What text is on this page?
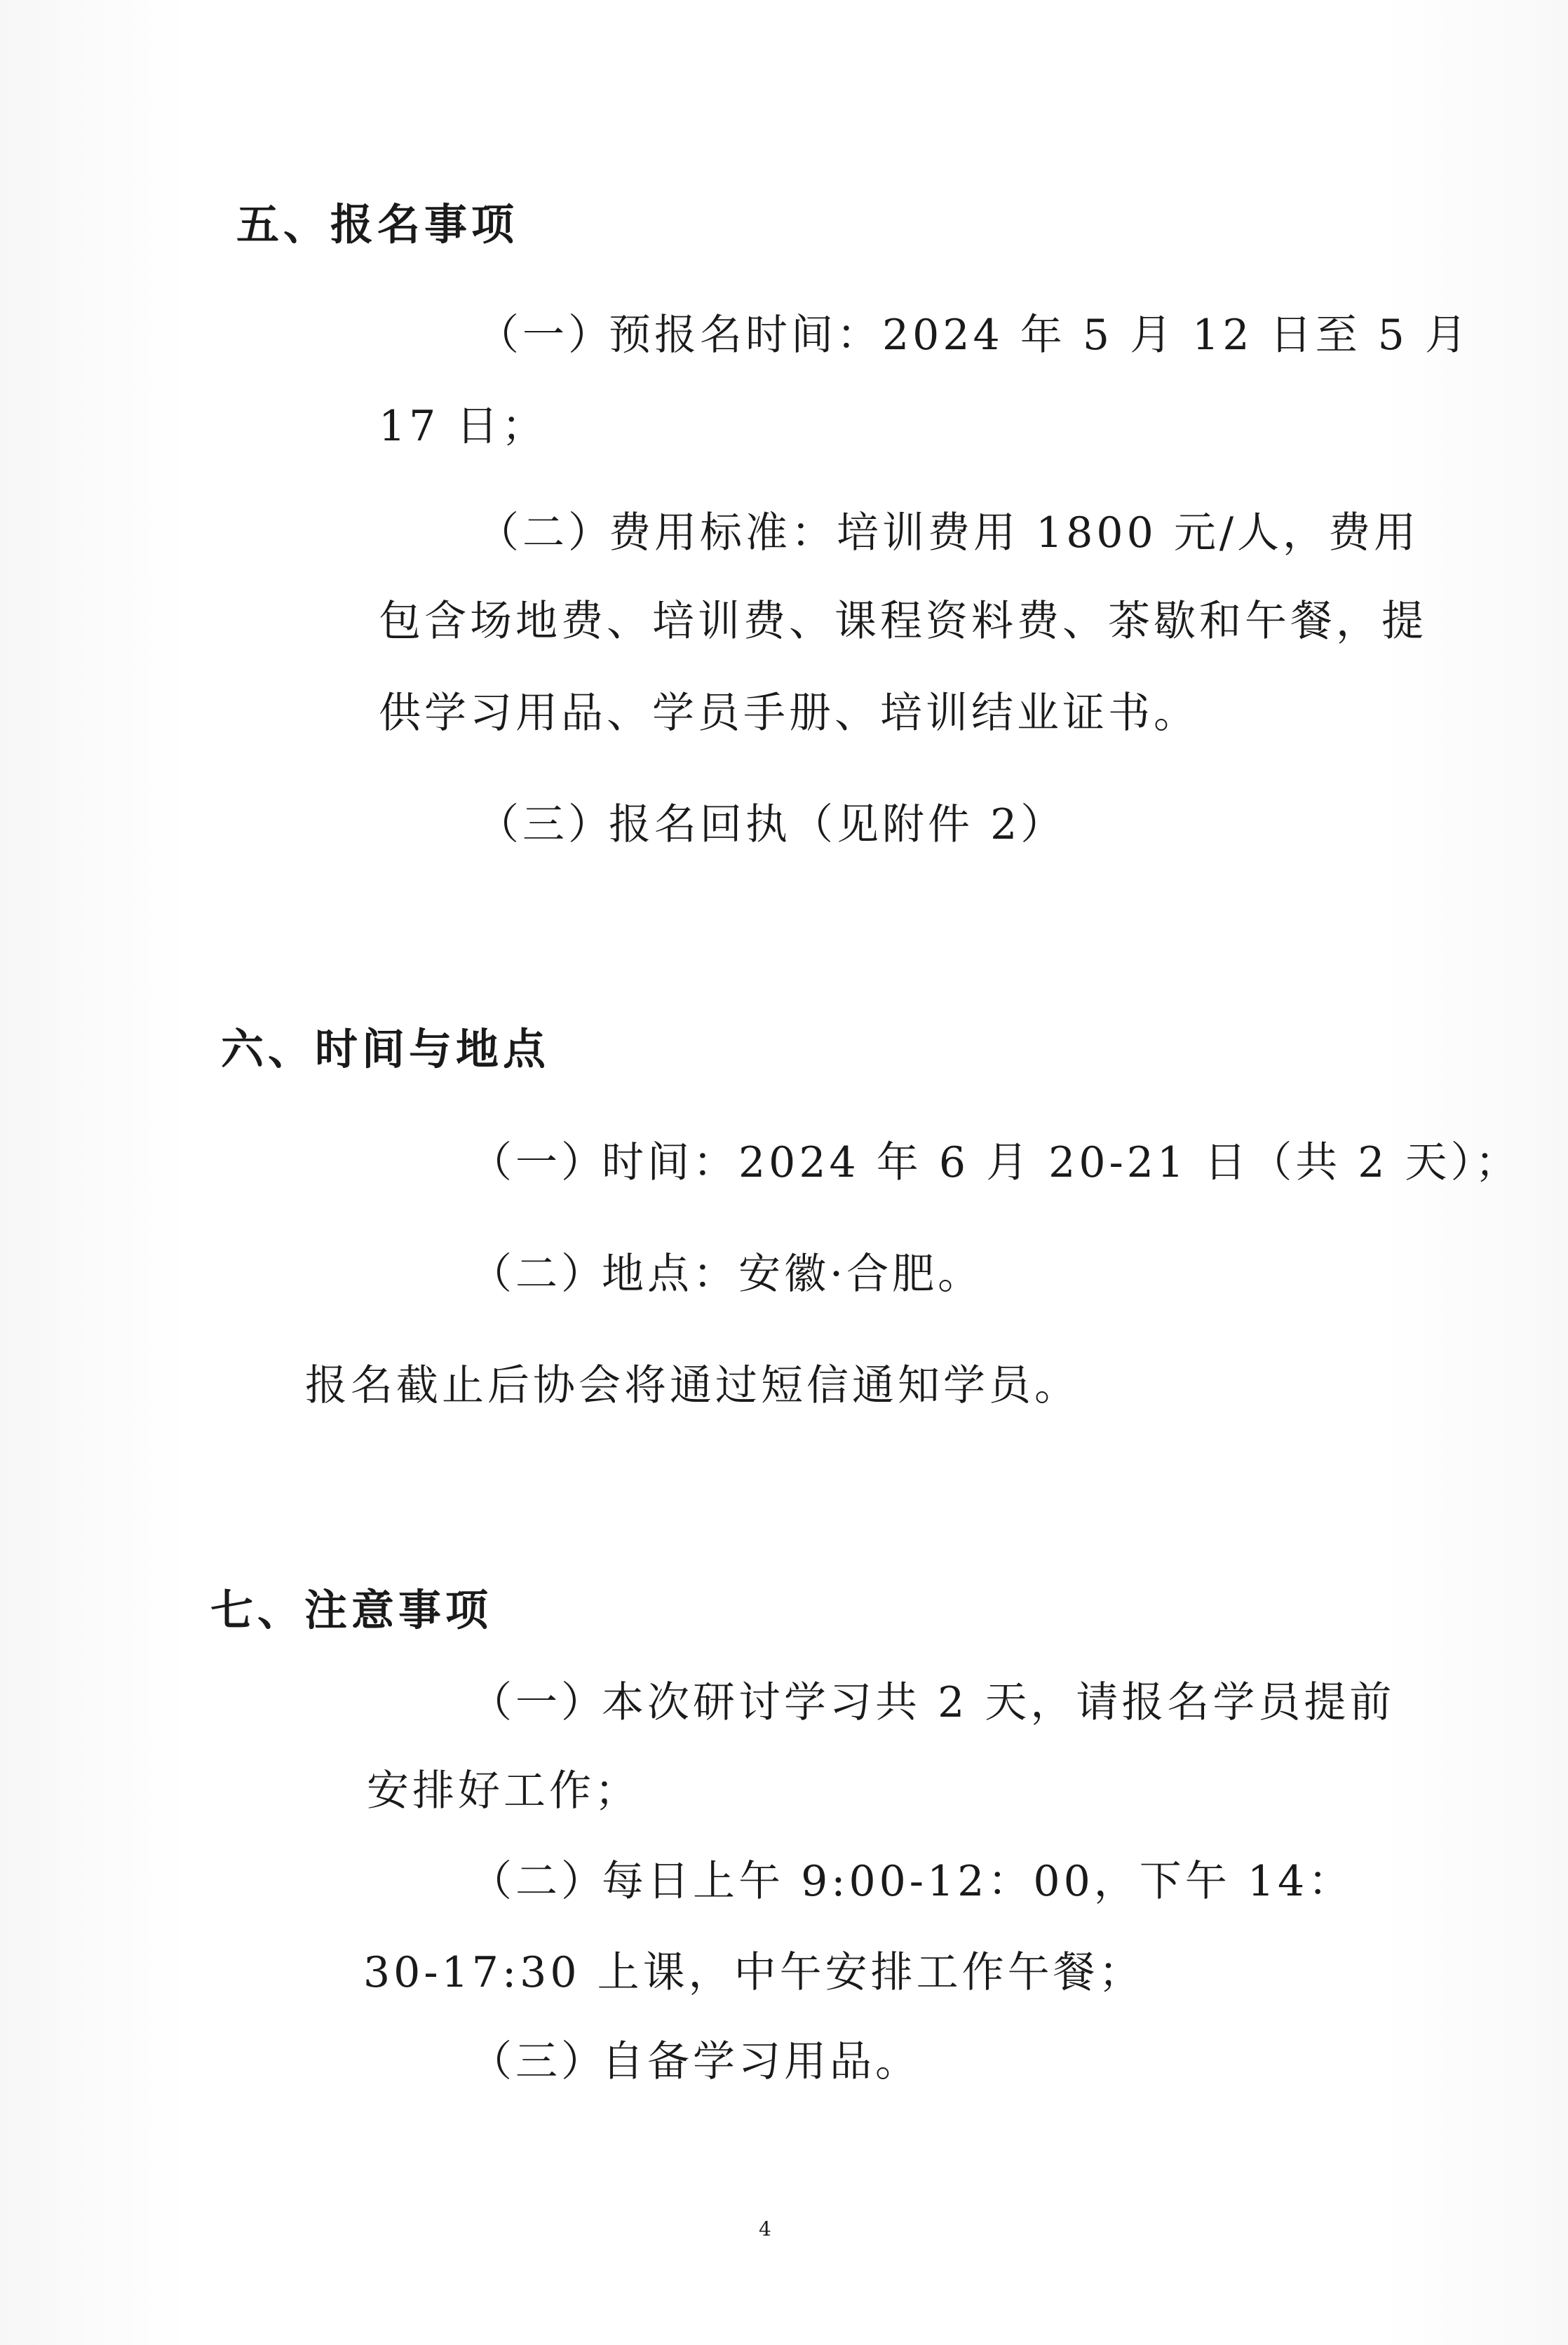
五、报名事项
（一）预报名时间：2024 年 5 月 12 日至 5 月
17 日；
（二）费用标准：培训费用 1800 元/人，费用
包含场地费、培训费、课程资料费、茶歇和午餐，提
供学习用品、学员手册、培训结业证书。
（三）报名回执（见附件 2）
六、时间与地点
（一）时间：2024 年 6 月 20-21 日（共 2 天）；
（二）地点：安徽·合肥。
报名截止后协会将通过短信通知学员。
七、注意事项
（一）本次研讨学习共 2 天，请报名学员提前
安排好工作；
（二）每日上午 9:00-12：00，下午 14：
30-17:30 上课，中午安排工作午餐；
（三）自备学习用品。
4
